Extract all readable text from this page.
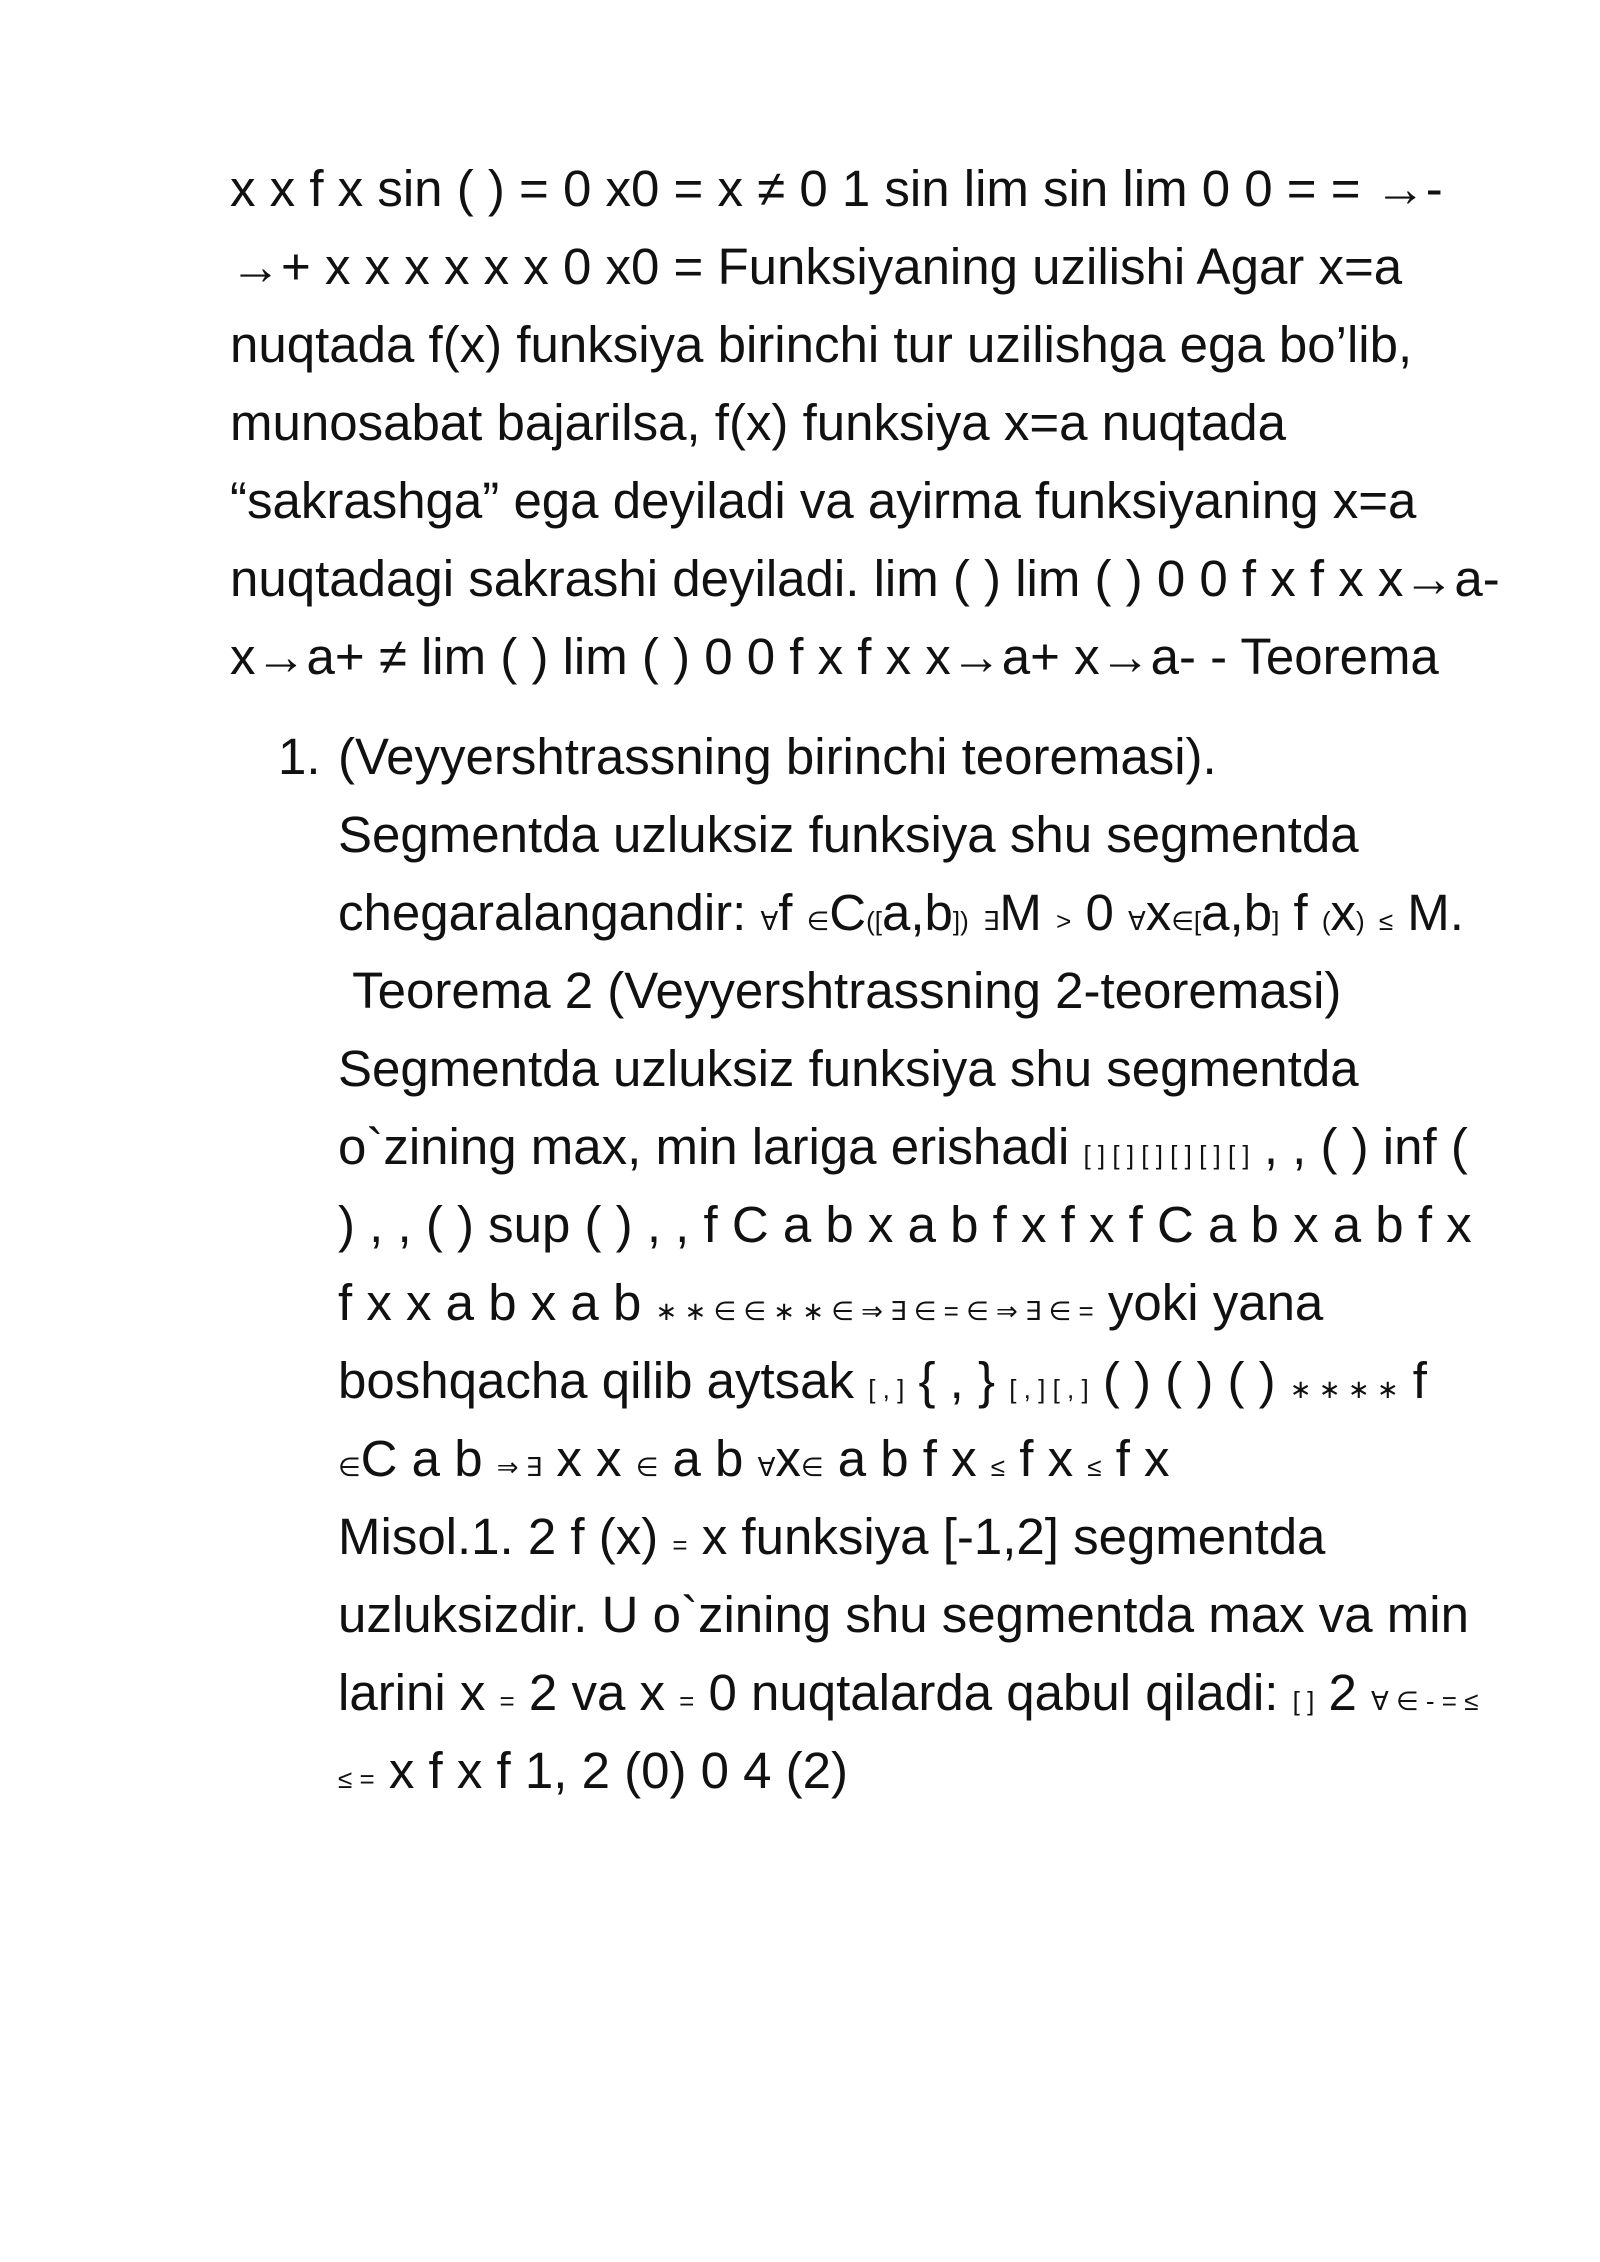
x x f x sin ( ) = 0 x0 = x ≠ 0 1 sin lim sin lim 0 0 = = →- →+ x x x x x x 0 x0 = Funksiyaning uzilishi Agar x=a nuqtada f(x) funksiya birinchi tur uzilishga ega bo’lib, munosabat bajarilsa, f(x) funksiya x=a nuqtada “sakrashga” ega deyiladi va ayirma funksiyaning x=a nuqtadagi sakrashi deyiladi. lim ( ) lim ( ) 0 0 f x f x x→a- x→a+ ≠ lim ( ) lim ( ) 0 0 f x f x x→a+ x→a- - Teorema

1. (Veyyershtrassning birinchi teoremasi). Segmentda uzluksiz funksiya shu segmentda chegaralangandir: ∀f ∈C([a,b]) ∃M > 0 ∀x∈[a,b] f (x) ≤ M.
Teorema 2 (Veyyershtrassning 2-teoremasi) Segmentda uzluksiz funksiya shu segmentda o`zining max, min lariga erishadi [ ] [ ] [ ] [ ] [ ] [ ] , , ( ) inf ( ) , , ( ) sup ( ) , , f C a b x a b f x f x f C a b x a b f x f x x a b x a b ∗ ∗ ∈ ∈ ∗ ∗ ∈ ⇒ ∃ ∈ = ∈ ⇒ ∃ ∈ = yoki yana boshqacha qilib aytsak [ , ] { , } [ , ] [ , ] ( ) ( ) ( ) ∗ ∗ ∗ ∗ f ∈C a b ⇒ ∃ x x ∈ a b ∀x∈ a b f x ≤ f x ≤ f x
Misol.1. 2 f (x) = x funksiya [-1,2] segmentda uzluksizdir. U o`zining shu segmentda max va min larini x = 2 va x = 0 nuqtalarda qabul qiladi: [ ] 2 ∀ ∈ - = ≤ ≤ = x f x f 1, 2 (0) 0 4 (2)
